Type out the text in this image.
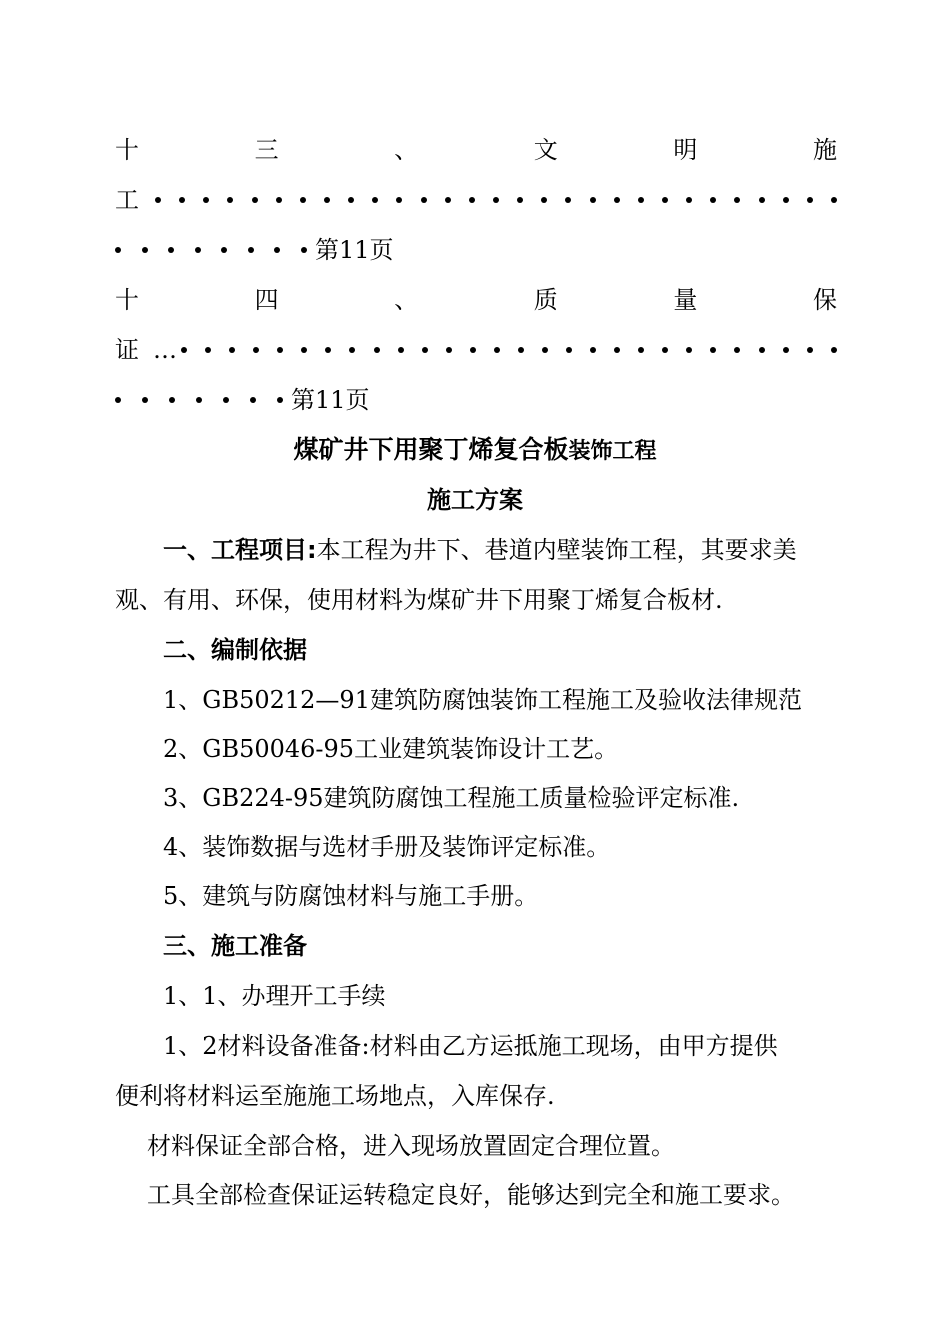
十	三	、	文	明	施
工
第11页
十	四	、	质	量	保
证 …
第11页
煤矿井下用聚丁烯复合板装饰工程
施工方案
一、工程项目:本工程为井下、巷道内壁装饰工程，其要求美
观、有用、环保，使用材料为煤矿井下用聚丁烯复合板材.
二、编制依据
1、GB50212—91建筑防腐蚀装饰工程施工及验收法律规范
2、GB50046-95工业建筑装饰设计工艺。
3、GB224-95建筑防腐蚀工程施工质量检验评定标准.
4、装饰数据与选材手册及装饰评定标准。
5、建筑与防腐蚀材料与施工手册。
三、施工准备
1、1、办理开工手续
1、2材料设备准备:材料由乙方运抵施工现场，由甲方提供
便利将材料运至施施工场地点，入库保存.
材料保证全部合格，进入现场放置固定合理位置。
工具全部检查保证运转稳定良好，能够达到完全和施工要求。
